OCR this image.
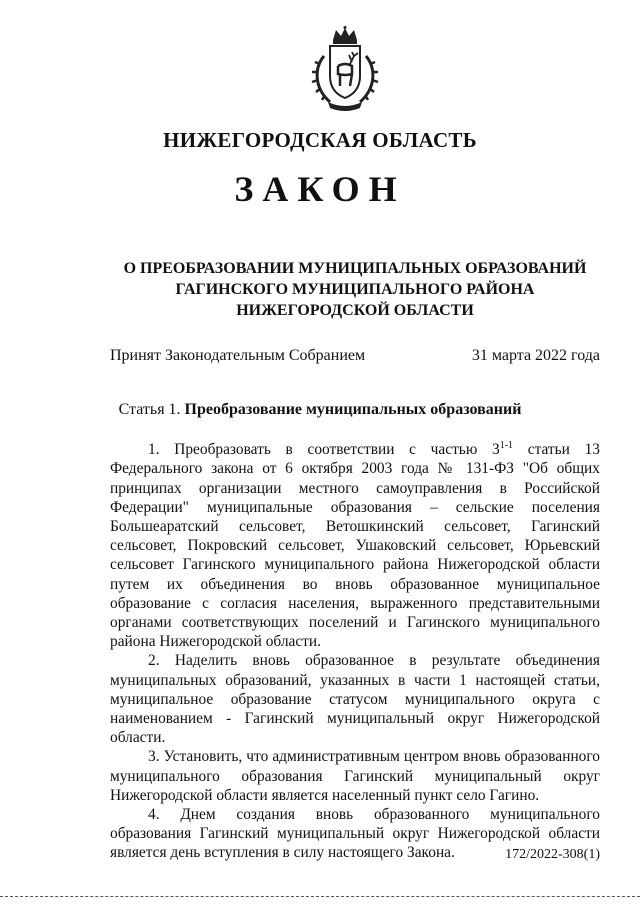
НИЖЕГОРОДСКАЯ ОБЛАСТЬ
ЗАКОН
О ПРЕОБРАЗОВАНИИ МУНИЦИПАЛЬНЫХ ОБРАЗОВАНИЙ
ГАГИНСКОГО МУНИЦИПАЛЬНОГО РАЙОНА
НИЖЕГОРОДСКОЙ ОБЛАСТИ
Принят Законодательным Собранием	31 марта 2022 года
Статья 1. Преобразование муниципальных образований

1. Преобразовать в соответствии с частью 3$^{1-1}$ статьи 13 Федерального закона от 6 октября 2003 года № 131-ФЗ "Об общих принципах организации местного самоуправления в Российской Федерации" муниципальные образования – сельские поселения Большеаратский сельсовет, Ветошкинский сельсовет, Гагинский сельсовет, Покровский сельсовет, Ушаковский сельсовет, Юрьевский сельсовет Гагинского муниципального района Нижегородской области путем их объединения во вновь образованное муниципальное образование с согласия населения, выраженного представительными органами соответствующих поселений и Гагинского муниципального района Нижегородской области.

2. Наделить вновь образованное в результате объединения муниципальных образований, указанных в части 1 настоящей статьи, муниципальное образование статусом муниципального округа с наименованием - Гагинский муниципальный округ Нижегородской области.

3. Установить, что административным центром вновь образованного муниципального образования Гагинский муниципальный округ Нижегородской области является населенный пункт село Гагино.

4. Днем создания вновь образованного муниципального образования Гагинский муниципальный округ Нижегородской области является день вступления в силу настоящего Закона.	172/2022-308(1)
